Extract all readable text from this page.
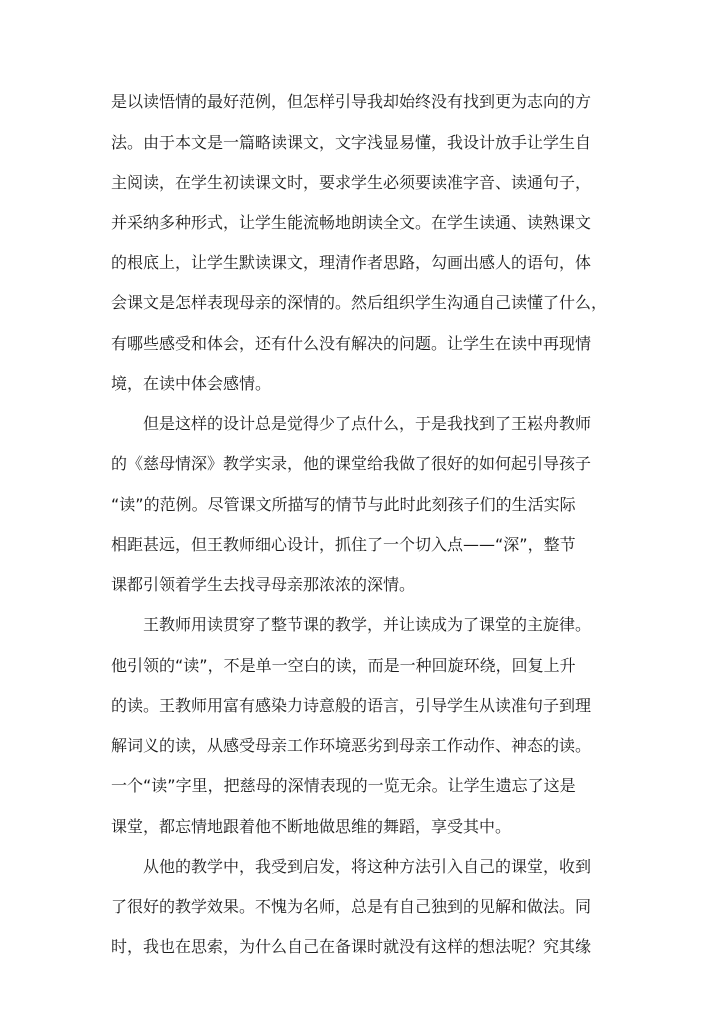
是以读悟情的最好范例，但怎样引导我却始终没有找到更为志向的方
法。由于本文是一篇略读课文，文字浅显易懂，我设计放手让学生自
主阅读，在学生初读课文时，要求学生必须要读准字音、读通句子，
并采纳多种形式，让学生能流畅地朗读全文。在学生读通、读熟课文
的根底上，让学生默读课文，理清作者思路，勾画出感人的语句，体
会课文是怎样表现母亲的深情的。然后组织学生沟通自己读懂了什么，
有哪些感受和体会，还有什么没有解决的问题。让学生在读中再现情
境，在读中体会感情。
但是这样的设计总是觉得少了点什么，于是我找到了王崧舟教师
的《慈母情深》教学实录，他的课堂给我做了很好的如何起引导孩子
“读”的范例。尽管课文所描写的情节与此时此刻孩子们的生活实际
相距甚远，但王教师细心设计，抓住了一个切入点——“深”，整节
课都引领着学生去找寻母亲那浓浓的深情。
王教师用读贯穿了整节课的教学，并让读成为了课堂的主旋律。
他引领的“读”，不是单一空白的读，而是一种回旋环绕，回复上升
的读。王教师用富有感染力诗意般的语言，引导学生从读准句子到理
解词义的读，从感受母亲工作环境恶劣到母亲工作动作、神态的读。
一个“读”字里，把慈母的深情表现的一览无余。让学生遗忘了这是
课堂，都忘情地跟着他不断地做思维的舞蹈，享受其中。
从他的教学中，我受到启发，将这种方法引入自己的课堂，收到
了很好的教学效果。不愧为名师，总是有自己独到的见解和做法。同
时，我也在思索，为什么自己在备课时就没有这样的想法呢？究其缘
